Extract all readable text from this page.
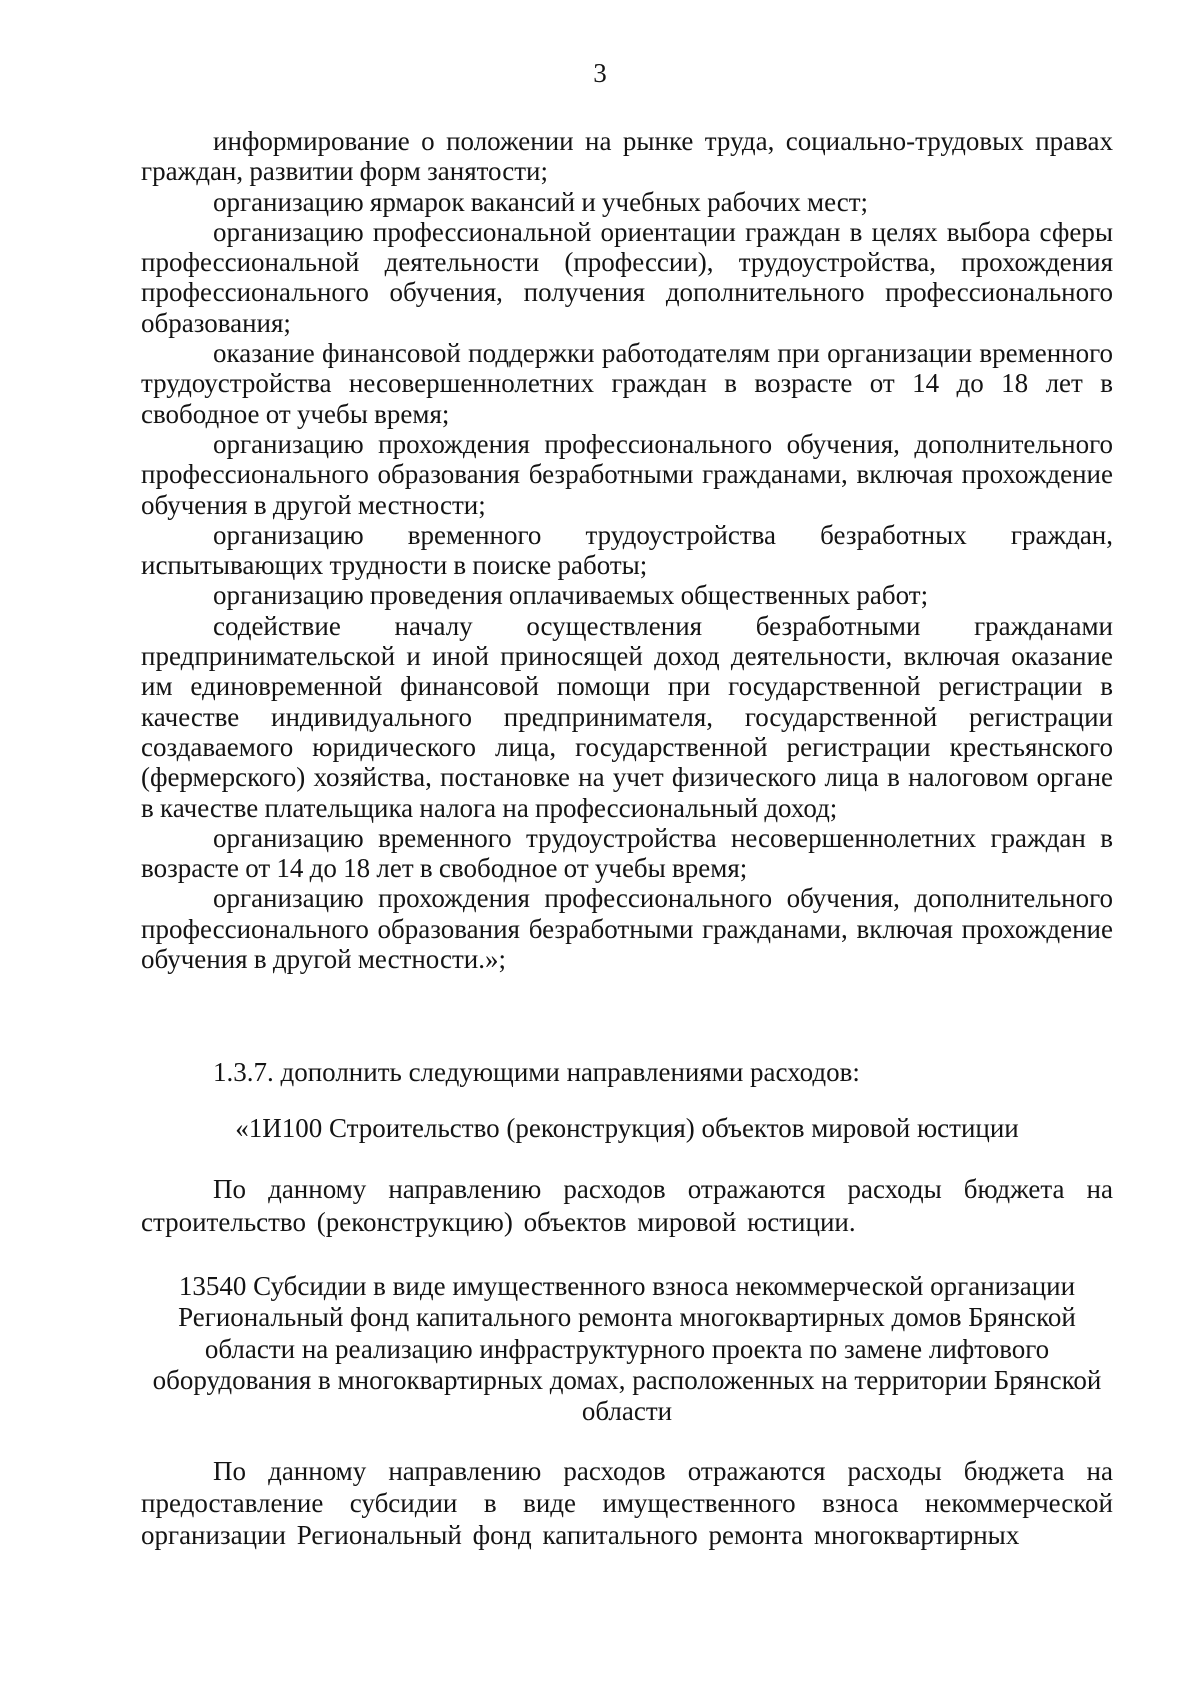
3

информирование о положении на рынке труда, социально-трудовых правах граждан, развитии форм занятости;

организацию ярмарок вакансий и учебных рабочих мест;

организацию профессиональной ориентации граждан в целях выбора сферы профессиональной деятельности (профессии), трудоустройства, прохождения профессионального обучения, получения дополнительного профессионального образования;

оказание финансовой поддержки работодателям при организации временного трудоустройства несовершеннолетних граждан в возрасте от 14 до 18 лет в свободное от учебы время;

организацию прохождения профессионального обучения, дополнительного профессионального образования безработными гражданами, включая прохождение обучения в другой местности;

организацию временного трудоустройства безработных граждан, испытывающих трудности в поиске работы;

организацию проведения оплачиваемых общественных работ;

содействие началу осуществления безработными гражданами предпринимательской и иной приносящей доход деятельности, включая оказание им единовременной финансовой помощи при государственной регистрации в качестве индивидуального предпринимателя, государственной регистрации создаваемого юридического лица, государственной регистрации крестьянского (фермерского) хозяйства, постановке на учет физического лица в налоговом органе в качестве плательщика налога на профессиональный доход;

организацию временного трудоустройства несовершеннолетних граждан в возрасте от 14 до 18 лет в свободное от учебы время;

организацию прохождения профессионального обучения, дополнительного профессионального образования безработными гражданами, включая прохождение обучения в другой местности.»;

1.3.7. дополнить следующими направлениями расходов:

«1И100 Строительство (реконструкция) объектов мировой юстиции

По данному направлению расходов отражаются расходы бюджета на строительство (реконструкцию) объектов мировой юстиции.

13540 Субсидии в виде имущественного взноса некоммерческой организации Региональный фонд капитального ремонта многоквартирных домов Брянской области на реализацию инфраструктурного проекта по замене лифтового оборудования в многоквартирных домах, расположенных на территории Брянской области

По данному направлению расходов отражаются расходы бюджета на предоставление субсидии в виде имущественного взноса некоммерческой организации Региональный фонд капитального ремонта многоквартирных
